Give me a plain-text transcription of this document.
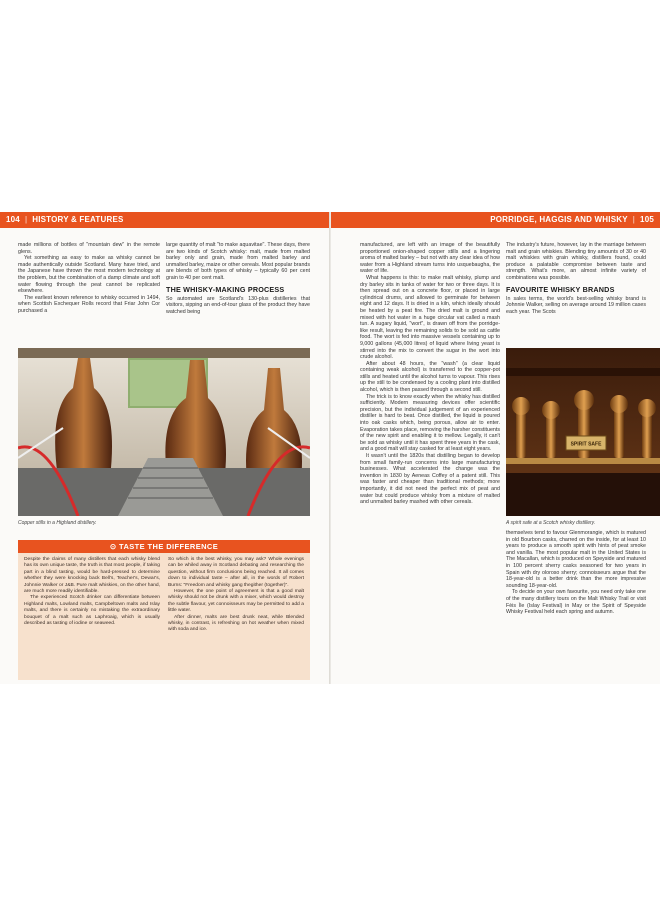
104 | HISTORY & FEATURES	PORRIDGE, HAGGIS AND WHISKY | 105

made millions of bottles of "mountain dew" in the remote glens.

Yet something as easy to make as whisky cannot be made authentically outside Scotland. Many have tried, and the Japanese have thrown the most modern technology at the problem, but the combination of a damp climate and soft water flowing through the peat cannot be replicated elsewhere.

The earliest known reference to whisky occurred in 1494, when Scottish Exchequer Rolls record that Friar John Cor purchased a

large quantity of malt "to make aquavitae". These days, there are two kinds of Scotch whisky: malt, made from malted barley only and grain, made from malted barley and unmalted barley, maize or other cereals. Most popular brands are blends of both types of whisky – typically 60 per cent grain to 40 per cent malt.

THE WHISKY-MAKING PROCESS

So automated are Scotland's 130-plus distilleries that visitors, sipping an end-of-tour glass of the product they have watched being

Copper stills in a Highland distillery.
⊙ TASTE THE DIFFERENCE

Despite the claims of many distillers that each whisky blend has its own unique taste, the truth is that most people, if taking part in a blind tasting, would be hard-pressed to determine whether they were knocking back Bell's, Teacher's, Dewar's, Johnnie Walker or J&B. Pure malt whiskies, on the other hand, are much more readily identifiable.

The experienced Scotch drinker can differentiate between Highland malts, Lowland malts, Campbeltown malts and Islay malts, and there is certainly no mistaking the extraordinary bouquet of a malt such as Laphroaig, which is usually described as tasting of iodine or seaweed.

So which is the best whisky, you may ask? Whole evenings can be whiled away in Scotland debating and researching the question, without firm conclusions being reached. It all comes down to individual taste – after all, in the words of Robert Burns: "Freedom and whisky gang thegither (together)".

However, the one point of agreement is that a good malt whisky should not be drunk with a mixer, which would destroy the subtle flavour, yet connoisseurs may be permitted to add a little water.

After dinner, malts are best drunk neat, while Blended whisky, in contrast, is refreshing on hot weather when mixed with soda and ice.

manufactured, are left with an image of the beautifully proportioned onion-shaped copper stills and a lingering aroma of malted barley – but not with any clear idea of how water from a Highland stream turns into usquebaugha, the water of life.

What happens is this: to make malt whisky, plump and dry barley sits in tanks of water for two or three days. It is then spread out on a concrete floor, or placed in large cylindrical drums, and allowed to germinate for between eight and 12 days. It is dried in a kiln, which ideally should be heated by a peat fire. The dried malt is ground and mixed with hot water in a huge circular vat called a mash tun. A sugary liquid, "wort", is drawn off from the porridge-like result, leaving the remaining solids to be sold as cattle food. The wort is fed into massive vessels containing up to 9,000 gallons (45,000 litres) of liquid where living yeast is stirred into the mix to convert the sugar in the wort into crude alcohol.

After about 48 hours, the "wash" (a clear liquid containing weak alcohol) is transferred to the copper-pot stills and heated until the alcohol turns to vapour. This rises up the still to be condensed by a cooling plant into distilled alcohol, which is then passed through a second still.

The trick is to know exactly when the whisky has distilled sufficiently. Modern measuring devices offer scientific precision, but the individual judgement of an experienced distiller is hard to beat. Once distilled, the liquid is poured into oak casks which, being porous, allow air to enter. Evaporation takes place, removing the harsher constituents of the new spirit and enabling it to mellow. Legally, it can't be sold as whisky until it has spent three years in the cask, and a good malt will stay casked for at least eight years.

It wasn't until the 1820s that distilling began to develop from small family-run concerns into large manufacturing businesses. What accelerated the change was the invention in 1830 by Aeneas Coffey of a patent still. This was faster and cheaper than traditional methods; more importantly, it did not need the perfect mix of peat and water but could produce whisky from a mixture of malted and unmalted barley mashed with other cereals.

The industry's future, however, lay in the marriage between malt and grain whiskies. Blending tiny amounts of 30 or 40 malt whiskies with grain whisky, distillers found, could produce a palatable compromise between taste and strength. What's more, an almost infinite variety of combinations was possible.

FAVOURITE WHISKY BRANDS

In sales terms, the world's best-selling whisky brand is Johnnie Walker, selling on average around 19 million cases each year. The Scots

SPIRIT SAFE
A spirit safe at a Scotch whisky distillery.

themselves tend to favour Glenmorangie, which is matured in old Bourbon casks, charred on the inside, for at least 10 years to produce a smooth spirit with hints of peat smoke and vanilla. The most popular malt in the United States is The Macallan, which is produced on Speyside and matured in 100 percent sherry casks seasoned for two years in Spain with dry oloroso sherry; connoisseurs argue that the 18-year-old is a better drink than the more impressive sounding 18-year-old.

To decide on your own favourite, you need only take one of the many distillery tours on the Malt Whisky Trail or visit Fèis Ìle (Islay Festival) in May or the Spirit of Speyside Whisky Festival held each spring and autumn.
